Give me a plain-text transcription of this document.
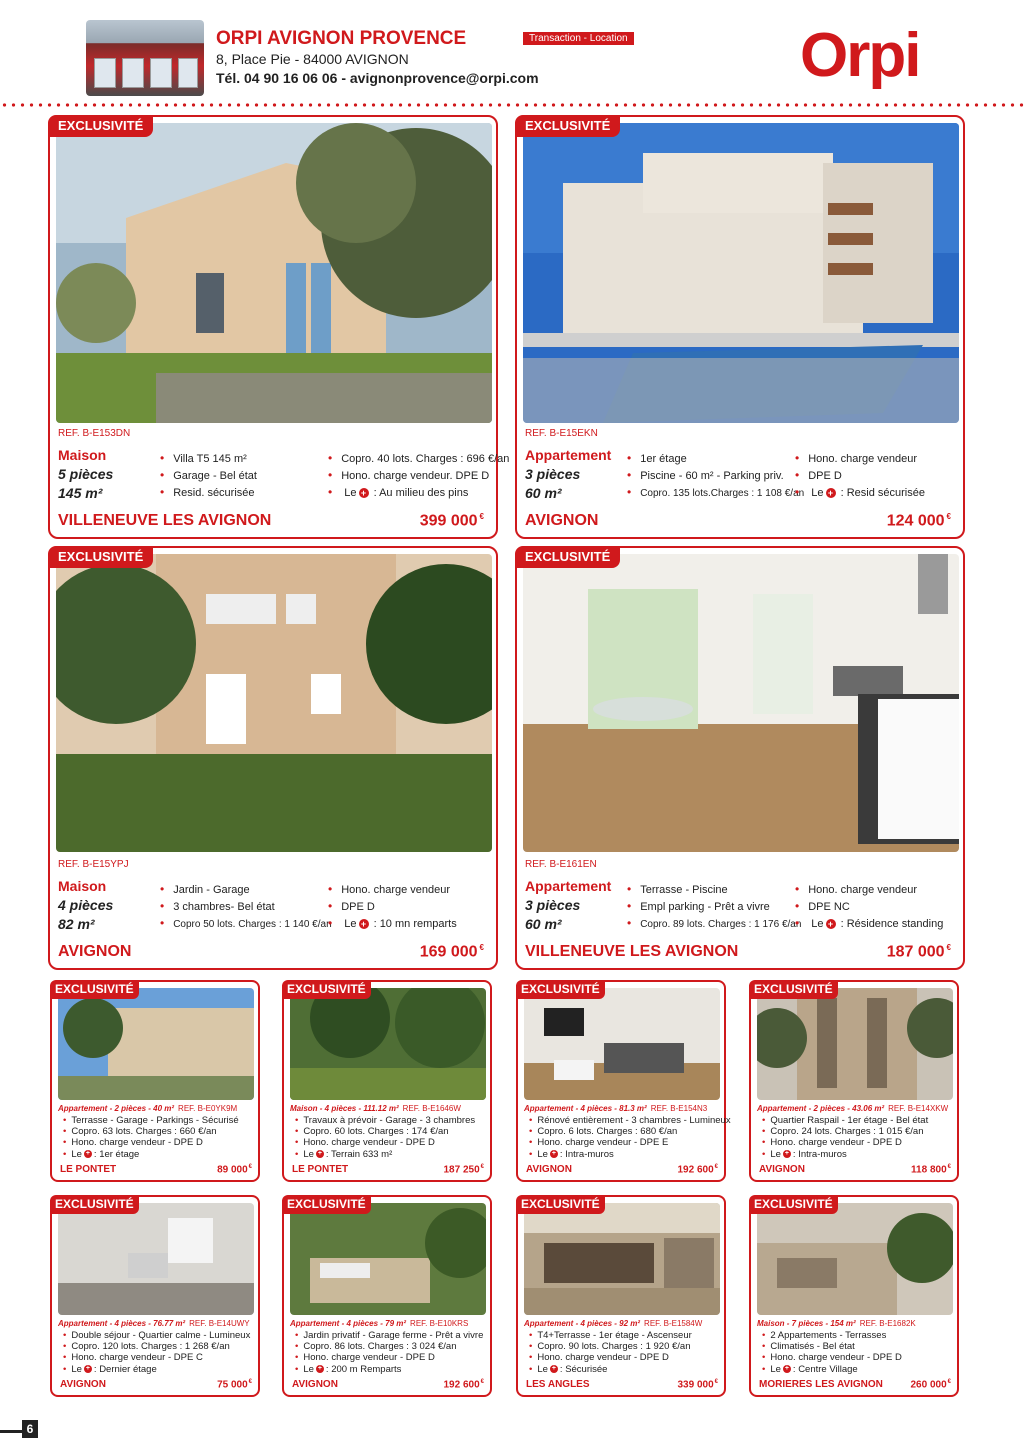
ORPI AVIGNON PROVENCE
8, Place Pie - 84000 AVIGNON
Tél. 04 90 16 06 06 - avignonprovence@orpi.com
Transaction - Location	Orpi
EXCLUSIVITÉ
REF. B-E153DN
Maison
5 pièces
145 m²
• Villa T5 145 m²
• Garage - Bel état
• Resid. sécurisée
• Copro. 40 lots. Charges : 696 €/an
• Hono. charge vendeur. DPE D
• Le + : Au milieu des pins
VILLENEUVE LES AVIGNON	399 000 €
EXCLUSIVITÉ
REF. B-E15EKN
Appartement
3 pièces
60 m²
• 1er étage
• Piscine - 60 m² - Parking priv.
• Copro. 135 lots.Charges : 1 108 €/an
• Hono. charge vendeur
• DPE D
• Le + : Resid sécurisée
AVIGNON	124 000 €
EXCLUSIVITÉ
REF. B-E15YPJ
Maison
4 pièces
82 m²
• Jardin - Garage
• 3 chambres- Bel état
• Copro 50 lots. Charges : 1 140 €/an
• Hono. charge vendeur
• DPE D
• Le + : 10 mn remparts
AVIGNON	169 000 €
EXCLUSIVITÉ
REF. B-E161EN
Appartement
3 pièces
60 m²
• Terrasse - Piscine
• Empl parking - Prêt a vivre
• Copro. 89 lots. Charges : 1 176 €/an
• Hono. charge vendeur
• DPE NC
• Le + : Résidence standing
VILLENEUVE LES AVIGNON	187 000 €
EXCLUSIVITÉ
Appartement - 2 pièces - 40 m² REF. B-E0YK9M
• Terrasse - Garage - Parkings - Sécurisé
• Copro. 63 lots. Charges : 660 €/an
• Hono. charge vendeur - DPE D
• Le + : 1er étage
LE PONTET	89 000€
EXCLUSIVITÉ
Maison - 4 pièces - 111.12 m² REF. B-E1646W
• Travaux à prévoir - Garage - 3 chambres
• Copro. 60 lots. Charges : 174 €/an
• Hono. charge vendeur - DPE D
• Le + : Terrain 633 m²
LE PONTET	187 250€
EXCLUSIVITÉ
Appartement - 4 pièces - 81.3 m² REF. B-E154N3
• Rénové entièrement - 3 chambres - Lumineux
• Copro. 6 lots. Charges : 680 €/an
• Hono. charge vendeur - DPE E
• Le + : Intra-muros
AVIGNON	192 600€
EXCLUSIVITÉ
Appartement - 2 pièces - 43.06 m² REF. B-E14XKW
• Quartier Raspail - 1er étage - Bel état
• Copro. 24 lots. Charges : 1 015 €/an
• Hono. charge vendeur - DPE D
• Le + : Intra-muros
AVIGNON	118 800€
EXCLUSIVITÉ
Appartement - 4 pièces - 76.77 m² REF. B-E14UWY
• Double séjour - Quartier calme - Lumineux
• Copro. 120 lots. Charges : 1 268 €/an
• Hono. charge vendeur - DPE C
• Le + : Dernier étage
AVIGNON	75 000€
EXCLUSIVITÉ
Appartement - 4 pièces - 79 m² REF. B-E10KRS
• Jardin privatif - Garage ferme - Prêt a vivre
• Copro. 86 lots. Charges : 3 024 €/an
• Hono. charge vendeur - DPE D
• Le + : 200 m Remparts
AVIGNON	192 600€
EXCLUSIVITÉ
Appartement - 4 pièces - 92 m² REF. B-E1584W
• T4+Terrasse - 1er étage - Ascenseur
• Copro. 90 lots. Charges : 1 920 €/an
• Hono. charge vendeur - DPE D
• Le + : Sécurisée
LES ANGLES	339 000€
EXCLUSIVITÉ
Maison - 7 pièces - 154 m² REF. B-E1682K
• 2 Appartements - Terrasses
• Climatisés - Bel état
• Hono. charge vendeur - DPE D
• Le + : Centre Village
MORIERES LES AVIGNON	260 000€
6
